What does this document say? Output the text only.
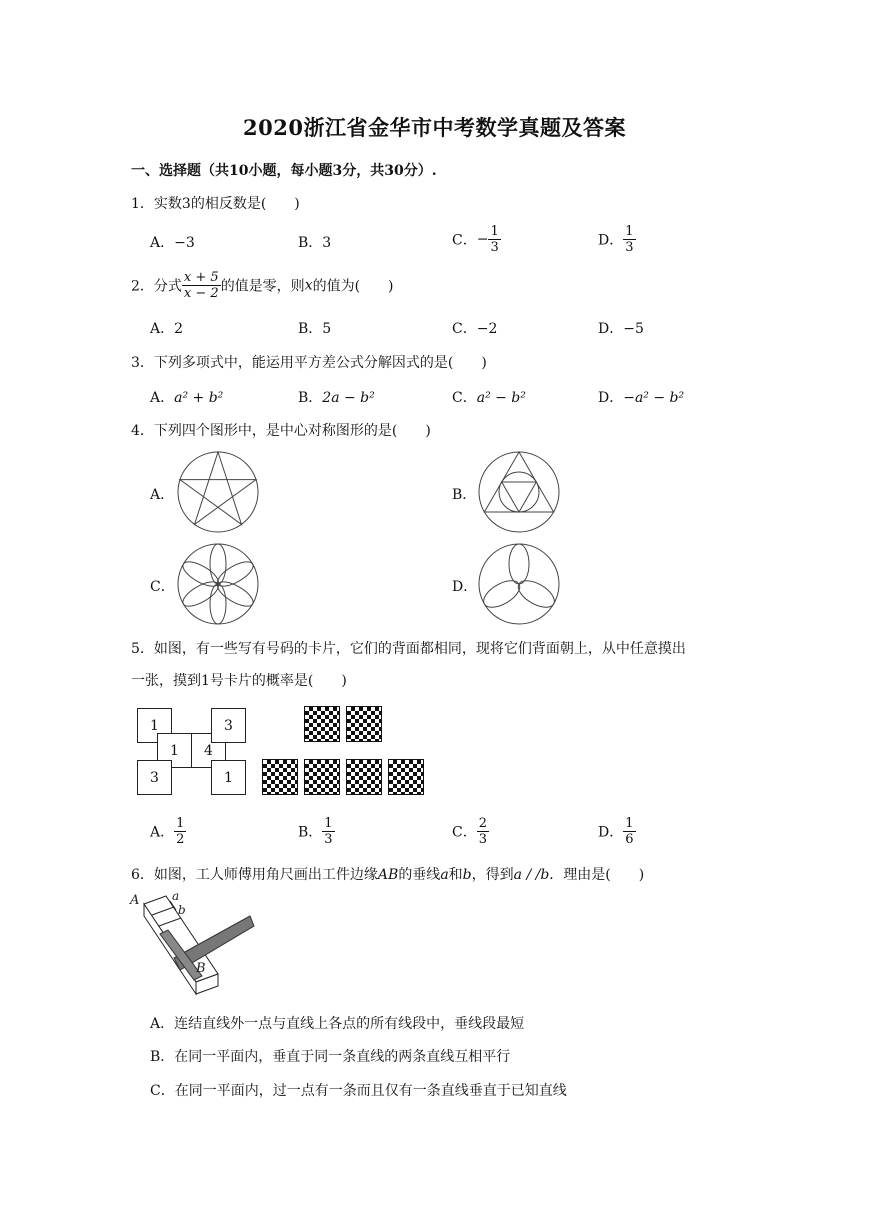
2020浙江省金华市中考数学真题及答案
一、选择题（共10小题，每小题3分，共30分）.
1．实数3的相反数是(　　)
A．−3	B．3	C．− $\frac{1}{3}$	D． $\frac{1}{3}$
2．分式 $\frac{x + 5}{x - 2}$ 的值是零，则x的值为(　　)
A．2	B．5	C．−2	D．−5
3．下列多项式中，能运用平方差公式分解因式的是(　　)
A．a² + b²	B．2a − b²	C．a² − b²	D．−a² − b²
4．下列四个图形中，是中心对称图形的是(　　)
A．	B．
C．	D．
5．如图，有一些写有号码的卡片，它们的背面都相同，现将它们背面朝上，从中任意摸出
一张，摸到1号卡片的概率是(　　)
1
1
3
4
3
1
A． $\frac{1}{2}$	B． $\frac{1}{3}$	C． $\frac{2}{3}$	D． $\frac{1}{6}$
6．如图，工人师傅用角尺画出工件边缘AB的垂线a和b，得到a / /b．理由是(　　)
A	a
b
B
A．连结直线外一点与直线上各点的所有线段中，垂线段最短
B．在同一平面内，垂直于同一条直线的两条直线互相平行
C．在同一平面内，过一点有一条而且仅有一条直线垂直于已知直线
